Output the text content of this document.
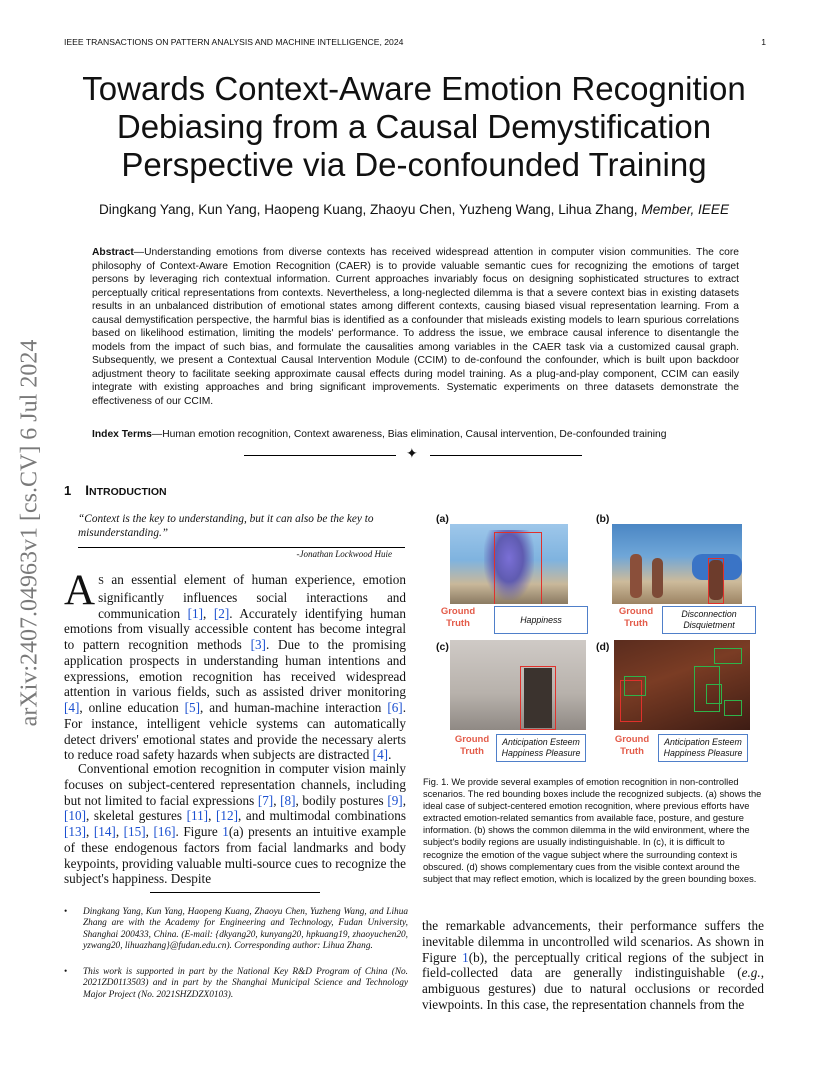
IEEE TRANSACTIONS ON PATTERN ANALYSIS AND MACHINE INTELLIGENCE, 2024	1
Towards Context-Aware Emotion Recognition
Debiasing from a Causal Demystification
Perspective via De-confounded Training
Dingkang Yang, Kun Yang, Haopeng Kuang, Zhaoyu Chen, Yuzheng Wang, Lihua Zhang, Member, IEEE
Abstract—Understanding emotions from diverse contexts has received widespread attention in computer vision communities. The core philosophy of Context-Aware Emotion Recognition (CAER) is to provide valuable semantic cues for recognizing the emotions of target persons by leveraging rich contextual information. Current approaches invariably focus on designing sophisticated structures to extract perceptually critical representations from contexts. Nevertheless, a long-neglected dilemma is that a severe context bias in existing datasets results in an unbalanced distribution of emotional states among different contexts, causing biased visual representation learning. From a causal demystification perspective, the harmful bias is identified as a confounder that misleads existing models to learn spurious correlations based on likelihood estimation, limiting the models' performance. To address the issue, we embrace causal inference to disentangle the models from the impact of such bias, and formulate the causalities among variables in the CAER task via a customized causal graph. Subsequently, we present a Contextual Causal Intervention Module (CCIM) to de-confound the confounder, which is built upon backdoor adjustment theory to facilitate seeking approximate causal effects during model training. As a plug-and-play component, CCIM can easily integrate with existing approaches and bring significant improvements. Systematic experiments on three datasets demonstrate the effectiveness of our CCIM.
Index Terms—Human emotion recognition, Context awareness, Bias elimination, Causal intervention, De-confounded training
✦
arXiv:2407.04963v1 [cs.CV] 6 Jul 2024 1 INTRODUCTION
“Context is the key to understanding, but it can also be the key to misunderstanding.”
-Jonathan Lockwood Huie
A S an essential element of human experience, emotion significantly influences social interactions and communication [1], [2]. Accurately identifying human emotions from visually accessible content has become integral to pattern recognition methods [3]. Due to the promising application prospects in understanding human intentions and expressions, emotion recognition has received widespread attention in various fields, such as assisted driver monitoring [4], online education [5], and human-machine interaction [6]. For instance, intelligent vehicle systems can automatically detect drivers' emotional states and provide the necessary alerts to reduce road safety hazards when subjects are distracted [4].
Conventional emotion recognition in computer vision mainly focuses on subject-centered representation channels, including but not limited to facial expressions [7], [8], bodily postures [9], [10], skeletal gestures [11], [12], and multimodal combinations [13], [14], [15], [16]. Figure 1(a) presents an intuitive example of these endogenous factors from facial landmarks and body keypoints, providing valuable multi-source cues to recognize the subject's happiness. Despite
• Dingkang Yang, Kun Yang, Haopeng Kuang, Zhaoyu Chen, Yuzheng Wang, and Lihua Zhang are with the Academy for Engineering and Technology, Fudan University, Shanghai 200433, China. (E-mail: {dkyang20, kunyang20, hpkuang19, zhaoyuchen20, yzwang20, lihuazhang}@fudan.edu.cn). Corresponding author: Lihua Zhang.
• This work is supported in part by the National Key R&D Program of China (No. 2021ZD0113503) and in part by the Shanghai Municipal Science and Technology Major Project (No. 2021SHZDZX0103).
(a)
Ground
Truth	Happiness
(b)
Ground
Truth
Disconnection
Disquietment
(c)
Ground
Truth
Anticipation Esteem
Happiness Pleasure
(d)
Ground
Truth
Anticipation Esteem
Happiness Pleasure
Fig. 1. We provide several examples of emotion recognition in non-controlled scenarios. The red bounding boxes include the recognized subjects. (a) shows the ideal case of subject-centered emotion recognition, where previous efforts have extracted emotion-related semantics from available face, posture, and gesture information. (b) shows the common dilemma in the wild environment, where the subject's bodily regions are usually indistinguishable. In (c), it is difficult to recognize the emotion of the vague subject where the surrounding context is obscured. (d) shows complementary cues from the visible context around the subject that may reflect emotion, which is localized by the green bounding boxes.
the remarkable advancements, their performance suffers the inevitable dilemma in uncontrolled wild scenarios. As shown in Figure 1(b), the perceptually critical regions of the subject in field-collected data are generally indistinguishable (e.g., ambiguous gestures) due to natural occlusions or recorded viewpoints. In this case, the representation channels from the
